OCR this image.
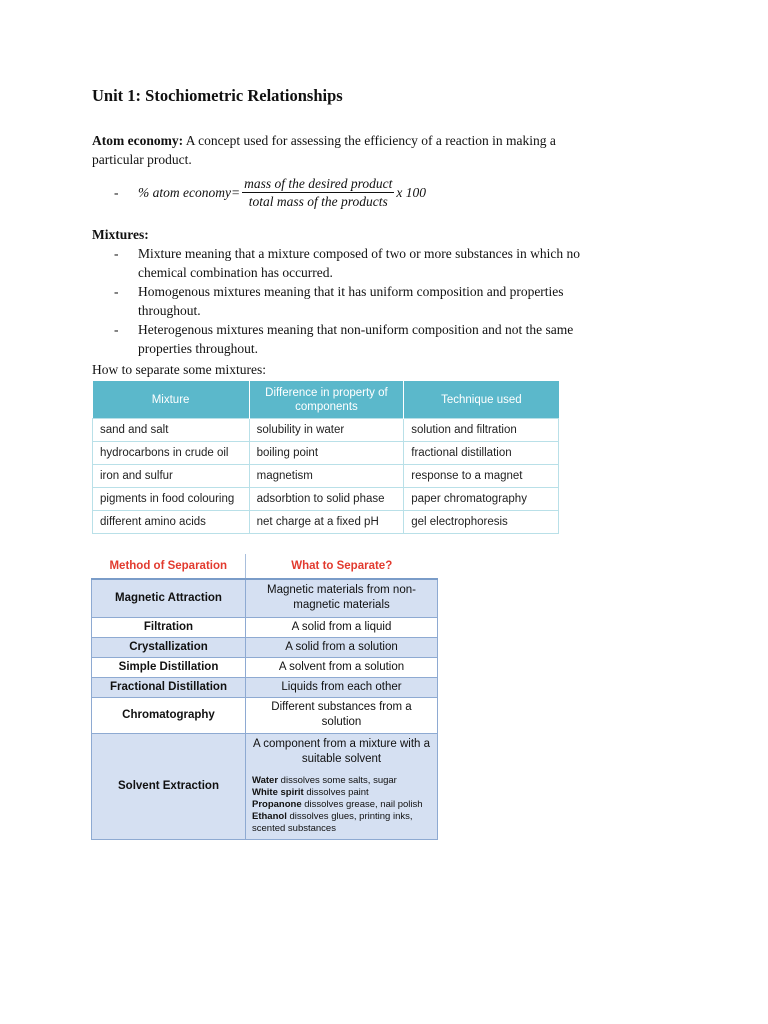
Unit 1: Stochiometric Relationships
Atom economy: A concept used for assessing the efficiency of a reaction in making a
particular product.
-	% atom economy= $\frac{\text{mass of the desired product}}{\text{total mass of the products}}$ x 100
Mixtures:
-	Mixture meaning that a mixture composed of two or more substances in which no
chemical combination has occurred.
-	Homogenous mixtures meaning that it has uniform composition and properties
throughout.
-	Heterogenous mixtures meaning that non-uniform composition and not the same
properties throughout.
How to separate some mixtures:
Mixture	Difference in property of components	Technique used
sand and salt	solubility in water	solution and filtration
hydrocarbons in crude oil	boiling point	fractional distillation
iron and sulfur	magnetism	response to a magnet
pigments in food colouring	adsorbtion to solid phase	paper chromatography
different amino acids	net charge at a fixed pH	gel electrophoresis
Method of Separation	What to Separate?
Magnetic Attraction	Magnetic materials from non-magnetic materials
Filtration	A solid from a liquid
Crystallization	A solid from a solution
Simple Distillation	A solvent from a solution
Fractional Distillation	Liquids from each other
Chromatography	Different substances from a solution
Solvent Extraction	A component from a mixture with a suitable solvent
Water dissolves some salts, sugar
White spirit dissolves paint
Propanone dissolves grease, nail polish
Ethanol dissolves glues, printing inks, scented substances
